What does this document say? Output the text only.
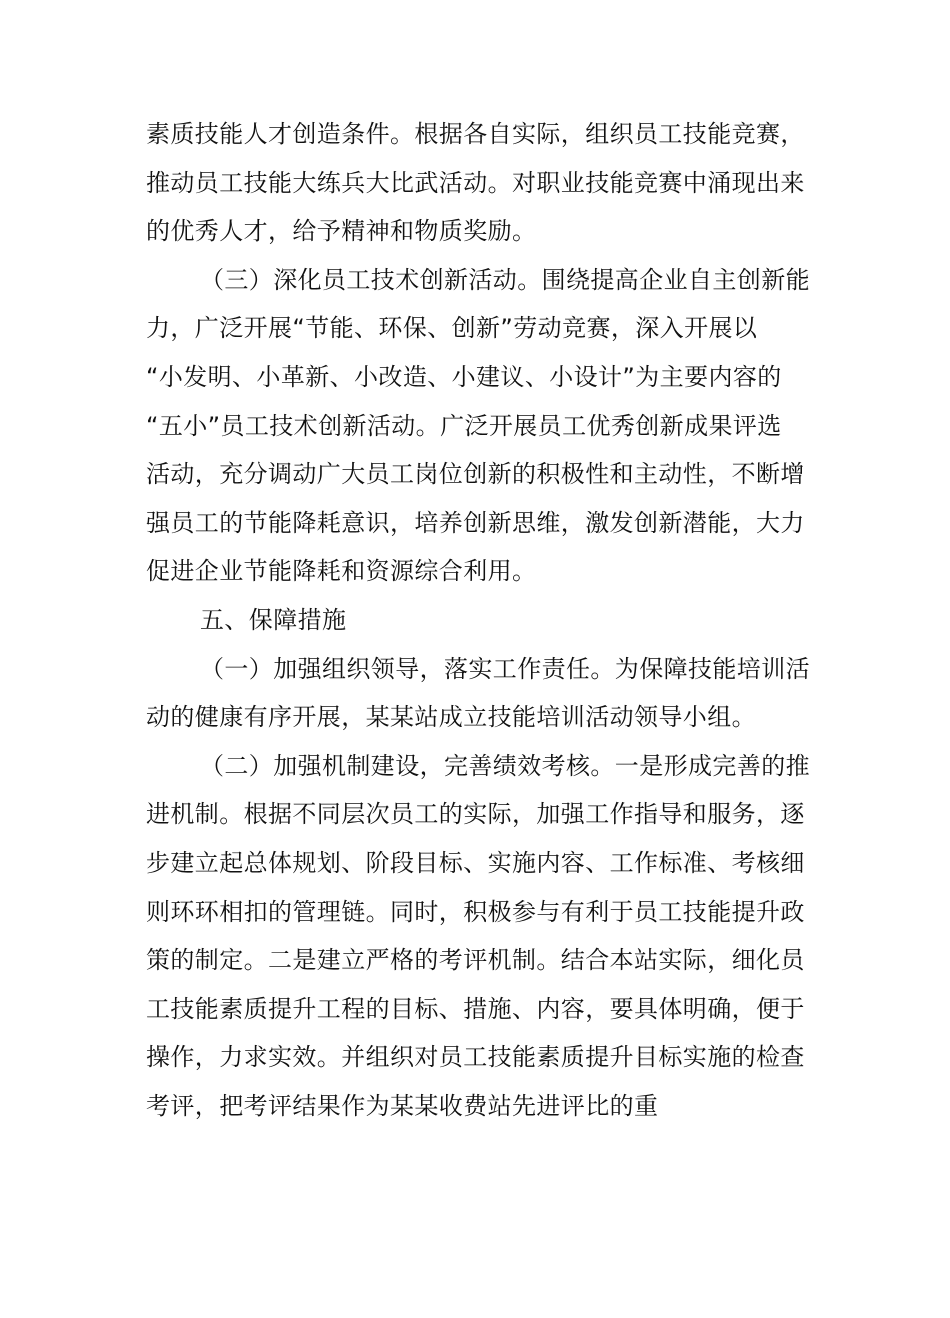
素质技能人才创造条件。根据各自实际，组织员工技能竞赛，
推动员工技能大练兵大比武活动。对职业技能竞赛中涌现出来
的优秀人才，给予精神和物质奖励。
（三）深化员工技术创新活动。围绕提高企业自主创新能
力，广泛开展“节能、环保、创新”劳动竞赛，深入开展以
“小发明、小革新、小改造、小建议、小设计”为主要内容的
“五小”员工技术创新活动。广泛开展员工优秀创新成果评选
活动，充分调动广大员工岗位创新的积极性和主动性，不断增
强员工的节能降耗意识，培养创新思维，激发创新潜能，大力
促进企业节能降耗和资源综合利用。
五、保障措施
（一）加强组织领导，落实工作责任。为保障技能培训活
动的健康有序开展，某某站成立技能培训活动领导小组。
（二）加强机制建设，完善绩效考核。一是形成完善的推
进机制。根据不同层次员工的实际，加强工作指导和服务，逐
步建立起总体规划、阶段目标、实施内容、工作标准、考核细
则环环相扣的管理链。同时，积极参与有利于员工技能提升政
策的制定。二是建立严格的考评机制。结合本站实际，细化员
工技能素质提升工程的目标、措施、内容，要具体明确，便于
操作，力求实效。并组织对员工技能素质提升目标实施的检查
考评，把考评结果作为某某收费站先进评比的重
